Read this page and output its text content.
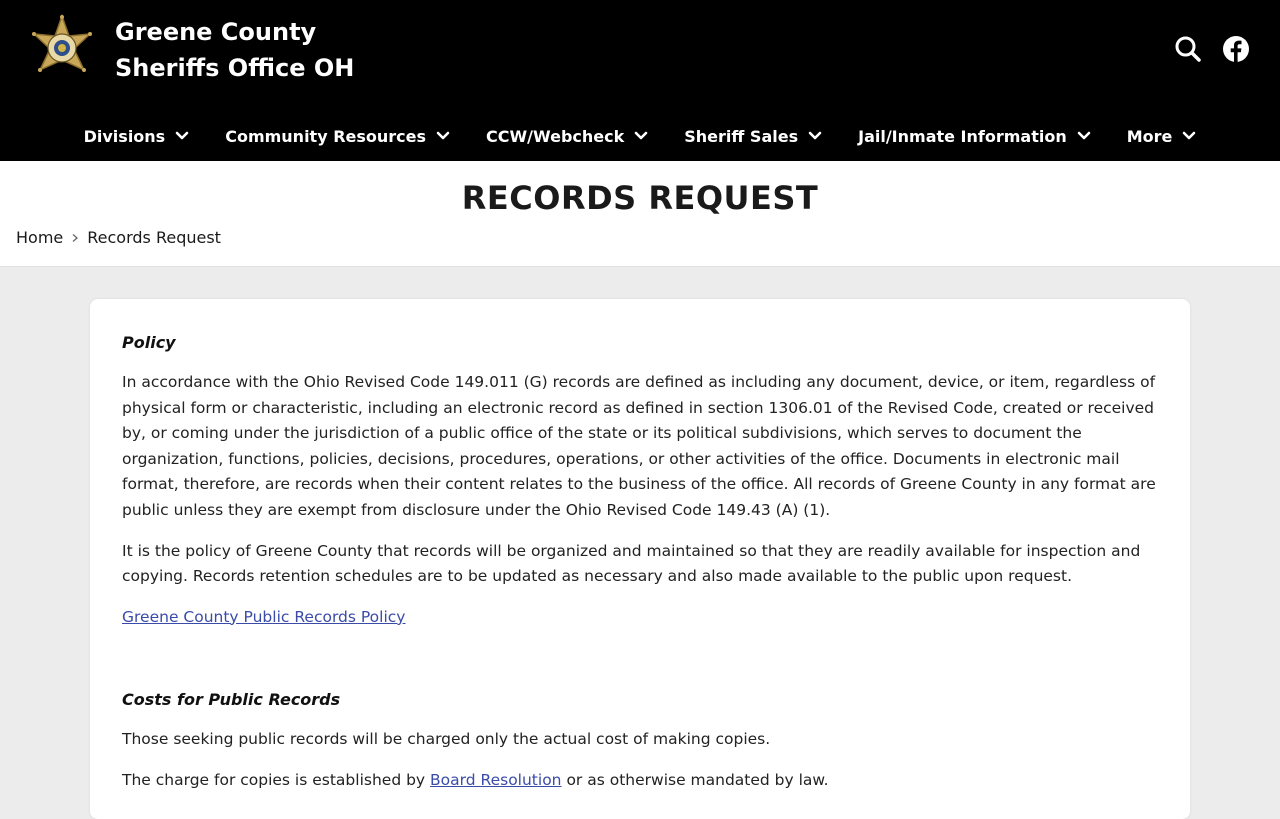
Greene County
Sheriffs Office OH
Divisions	Community Resources	CCW/Webcheck	Sheriff Sales	Jail/Inmate Information	More
RECORDS REQUEST
Home Records Request
Policy

In accordance with the Ohio Revised Code 149.011 (G) records are defined as including any document, device, or item, regardless of physical form or characteristic, including an electronic record as defined in section 1306.01 of the Revised Code, created or received by, or coming under the jurisdiction of a public office of the state or its political subdivisions, which serves to document the organization, functions, policies, decisions, procedures, operations, or other activities of the office. Documents in electronic mail format, therefore, are records when their content relates to the business of the office. All records of Greene County in any format are public unless they are exempt from disclosure under the Ohio Revised Code 149.43 (A) (1).

It is the policy of Greene County that records will be organized and maintained so that they are readily available for inspection and copying. Records retention schedules are to be updated as necessary and also made available to the public upon request.

Greene County Public Records Policy

Costs for Public Records

Those seeking public records will be charged only the actual cost of making copies.

The charge for copies is established by Board Resolution or as otherwise mandated by law.
